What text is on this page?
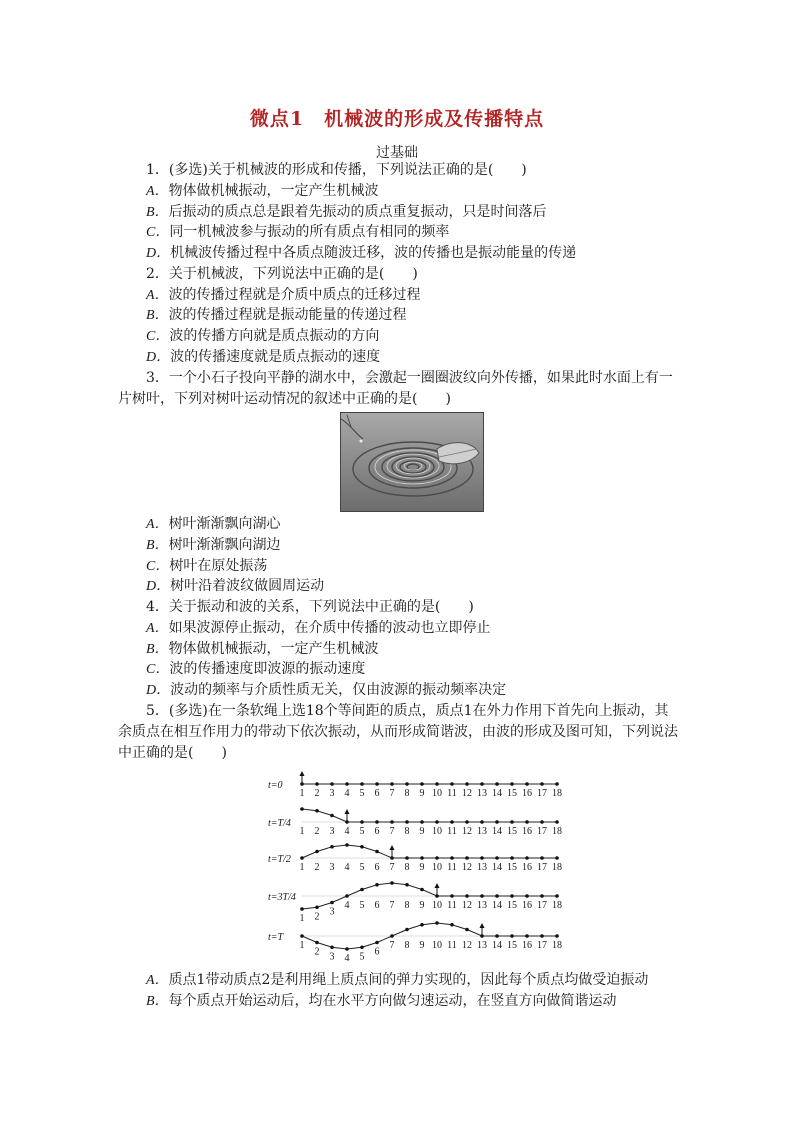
微点1　机械波的形成及传播特点
过基础
1．(多选)关于机械波的形成和传播，下列说法正确的是(　　)
A．物体做机械振动，一定产生机械波
B．后振动的质点总是跟着先振动的质点重复振动，只是时间落后
C．同一机械波参与振动的所有质点有相同的频率
D．机械波传播过程中各质点随波迁移，波的传播也是振动能量的传递
2．关于机械波，下列说法中正确的是(　　)
A．波的传播过程就是介质中质点的迁移过程
B．波的传播过程就是振动能量的传递过程
C．波的传播方向就是质点振动的方向
D．波的传播速度就是质点振动的速度
3．一个小石子投向平静的湖水中，会激起一圈圈波纹向外传播，如果此时水面上有一
片树叶，下列对树叶运动情况的叙述中正确的是(　　)
A．树叶渐渐飘向湖心
B．树叶渐渐飘向湖边
C．树叶在原处振荡
D．树叶沿着波纹做圆周运动
4．关于振动和波的关系，下列说法中正确的是(　　)
A．如果波源停止振动，在介质中传播的波动也立即停止
B．物体做机械振动，一定产生机械波
C．波的传播速度即波源的振动速度
D．波动的频率与介质性质无关，仅由波源的振动频率决定
5．(多选)在一条软绳上选18个等间距的质点，质点1在外力作用下首先向上振动，其
余质点在相互作用力的带动下依次振动，从而形成简谐波，由波的形成及图可知，下列说法
中正确的是(　　)
t=0
1 2 3 4 5 6 7 8 9 10 11 12 13 14 15 16 17 18
t=T/4
1 2 3 4 5 6 7 8 9 10 11 12 13 14 15 16 17 18
t=T/2
1 2 3 4 5 6 7 8 9 10 11 12 13 14 15 16 17 18
t=3T/4
1 2 3
4 5 6 7 8 9 10 11 12 13 14 15 16 17 18
t=T
1
2 3 4 5 6
7 8 9 10 11 12 13 14 15 16 17 18
A．质点1带动质点2是利用绳上质点间的弹力实现的，因此每个质点均做受迫振动
B．每个质点开始运动后，均在水平方向做匀速运动，在竖直方向做简谐运动
